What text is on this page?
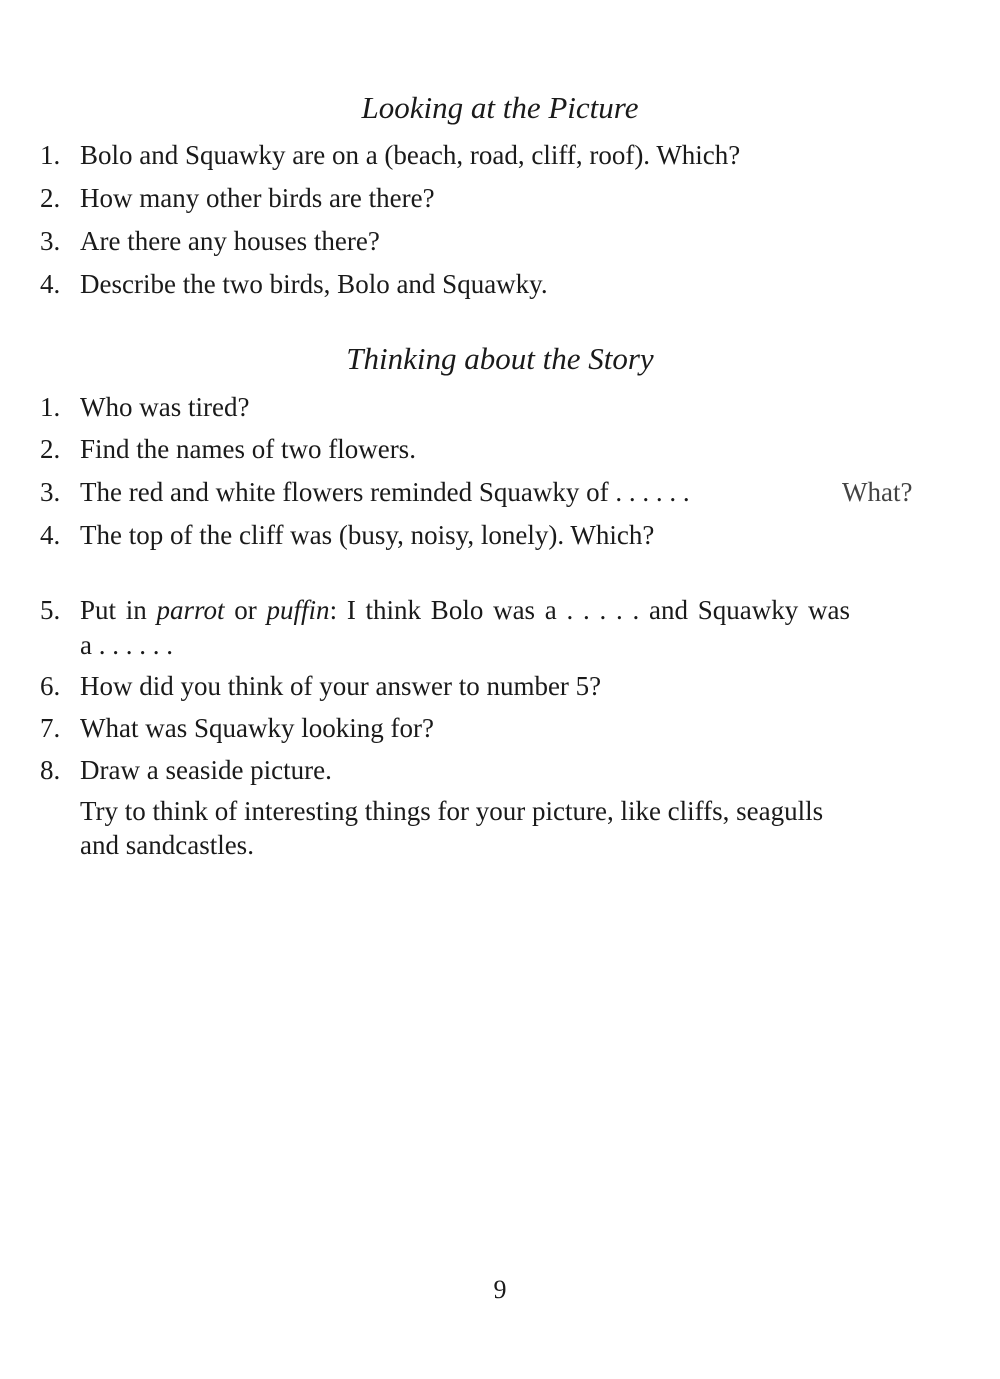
Looking at the Picture
1. Bolo and Squawky are on a (beach, road, cliff, roof). Which?
2. How many other birds are there?
3. Are there any houses there?
4. Describe the two birds, Bolo and Squawky.
Thinking about the Story
1. Who was tired?
2. Find the names of two flowers.
3. The red and white flowers reminded Squawky of . . . . . .	What?
4. The top of the cliff was (busy, noisy, lonely). Which?
5. Put in parrot or puffin: I think Bolo was a . . . . . and Squawky was
a . . . . . .
6. How did you think of your answer to number 5?
7. What was Squawky looking for?
8. Draw a seaside picture.
Try to think of interesting things for your picture, like cliffs, seagulls
and sandcastles.
9
